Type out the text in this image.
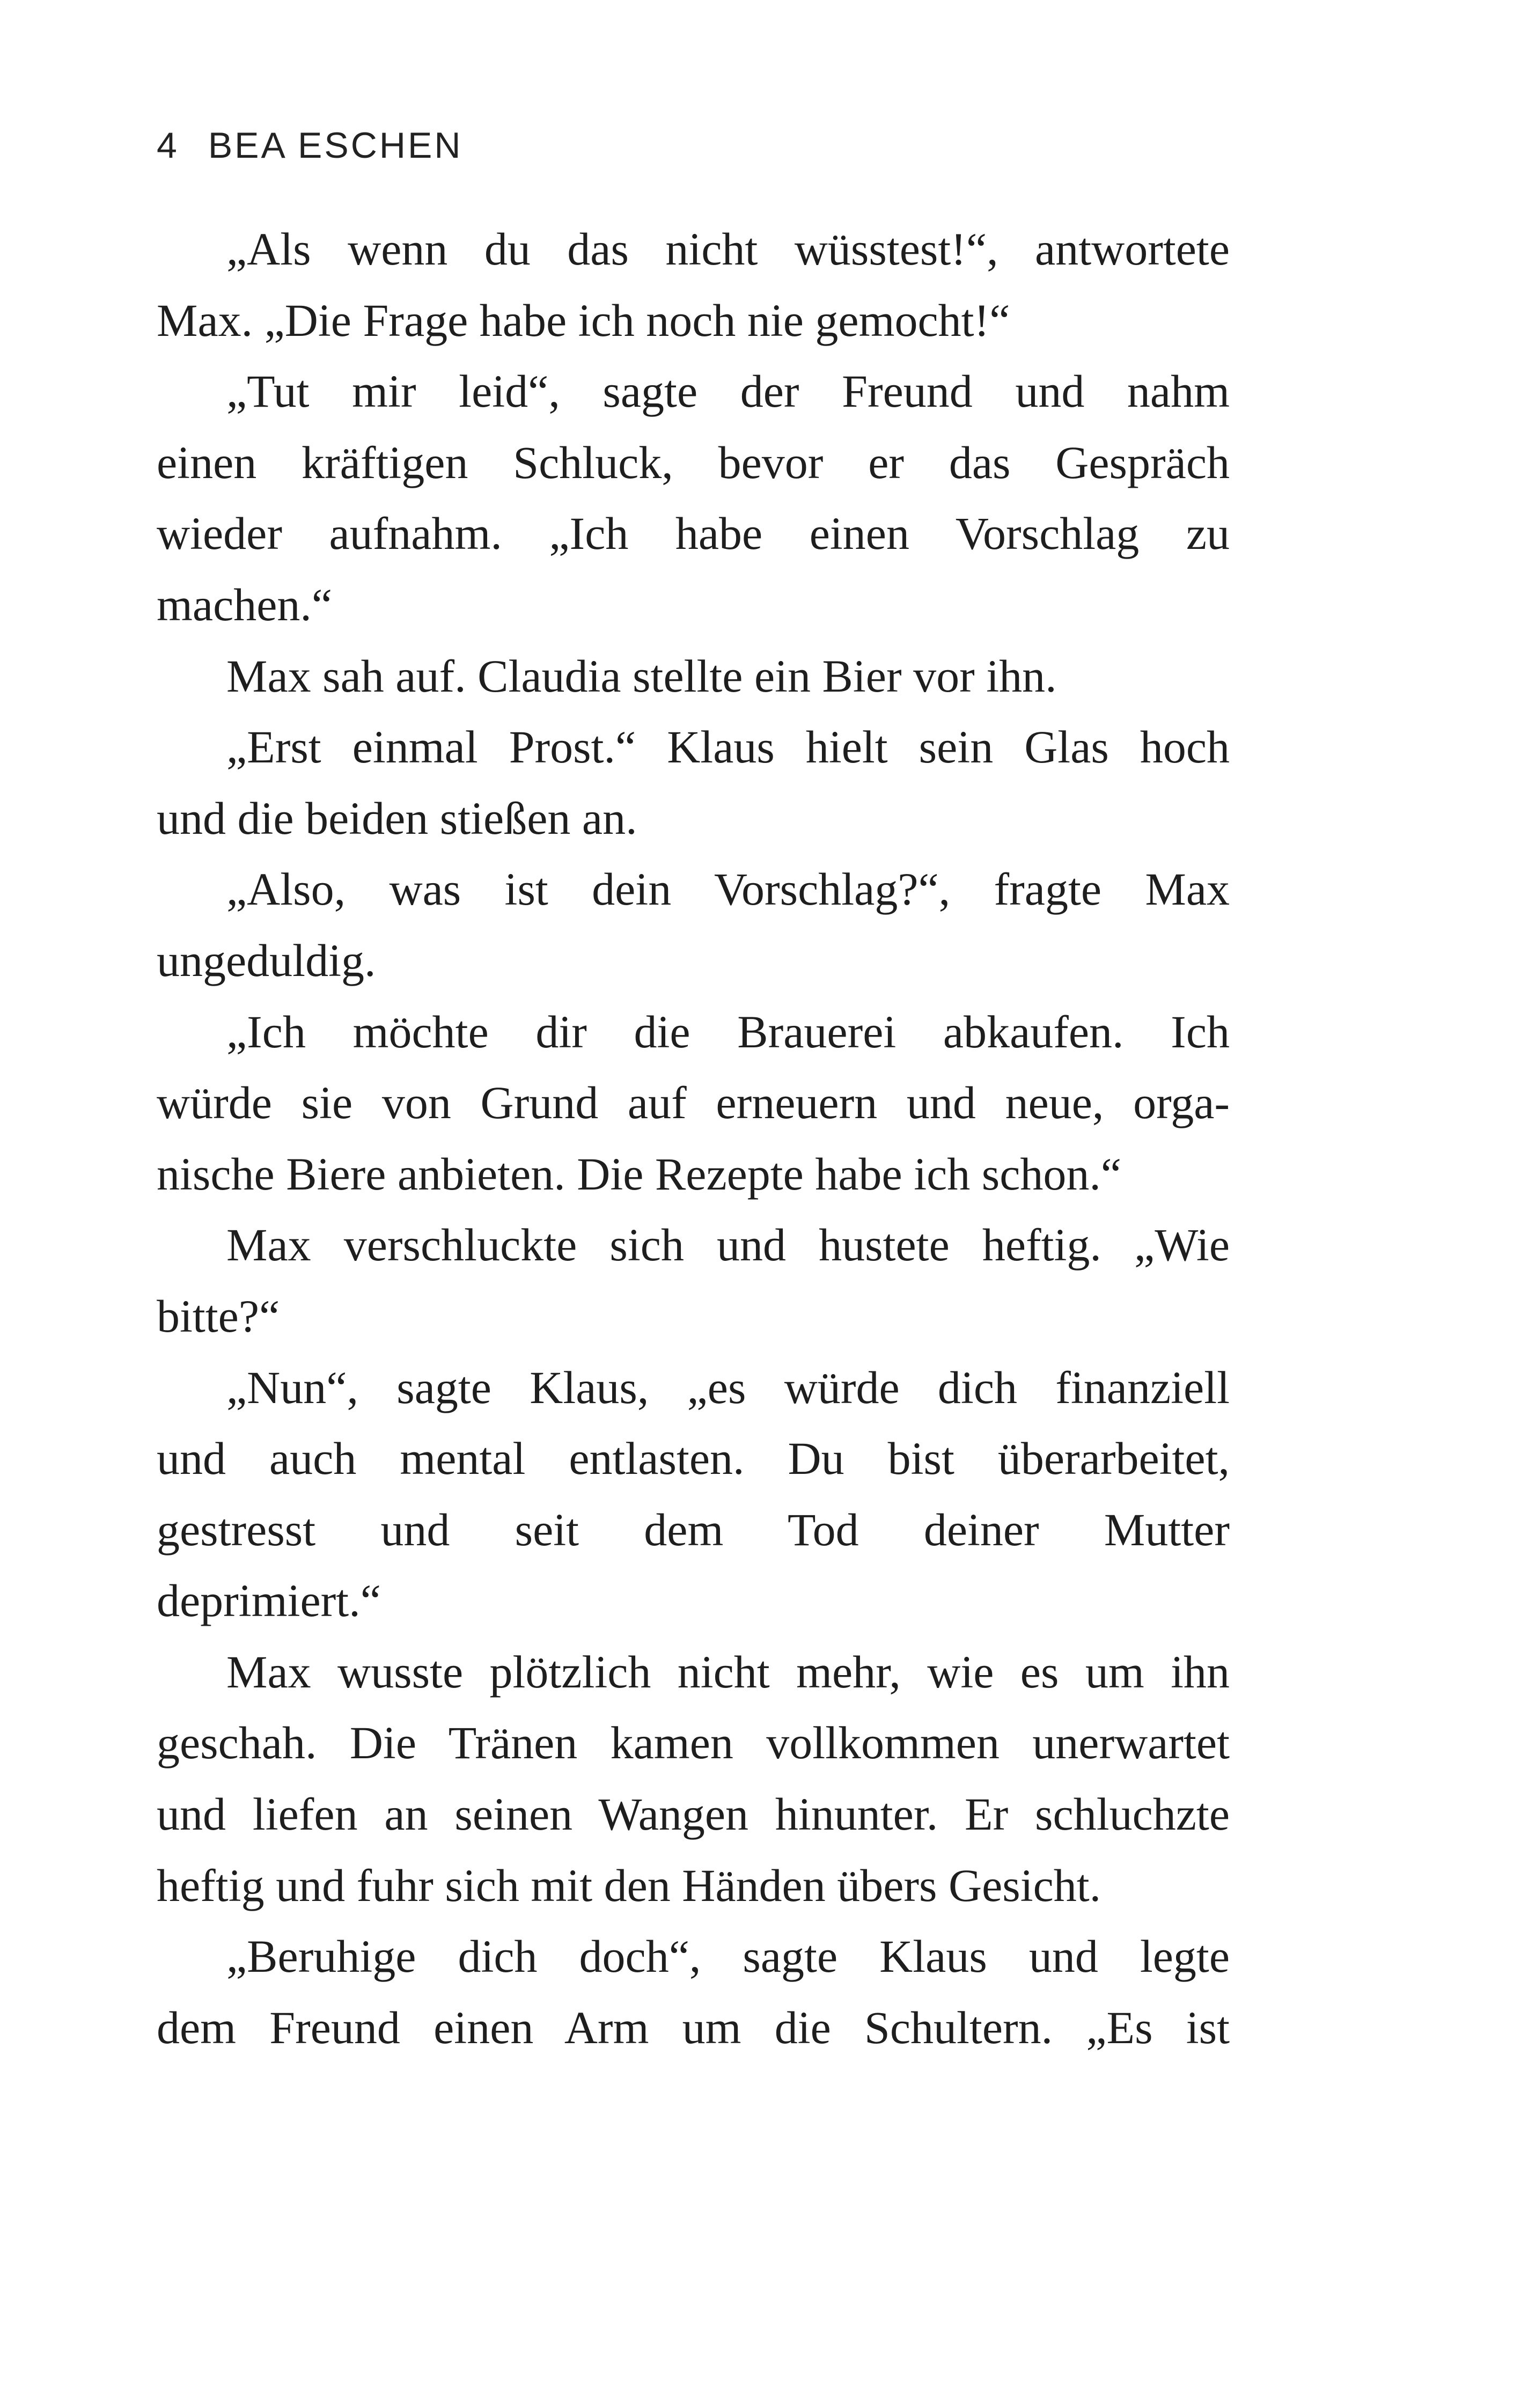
4 BEA ESCHEN
„Als wenn du das nicht wüsstest!“, antwortete
Max. „Die Frage habe ich noch nie gemocht!“
„Tut mir leid“, sagte der Freund und nahm
einen kräftigen Schluck, bevor er das Gespräch
wieder aufnahm. „Ich habe einen Vorschlag zu
machen.“
Max sah auf. Claudia stellte ein Bier vor ihn.
„Erst einmal Prost.“ Klaus hielt sein Glas hoch
und die beiden stießen an.
„Also, was ist dein Vorschlag?“, fragte Max
ungeduldig.
„Ich möchte dir die Brauerei abkaufen. Ich
würde sie von Grund auf erneuern und neue, orga-
nische Biere anbieten. Die Rezepte habe ich schon.“
Max verschluckte sich und hustete heftig. „Wie
bitte?“
„Nun“, sagte Klaus, „es würde dich finanziell
und auch mental entlasten. Du bist überarbeitet,
gestresst und seit dem Tod deiner Mutter
deprimiert.“
Max wusste plötzlich nicht mehr, wie es um ihn
geschah. Die Tränen kamen vollkommen unerwartet
und liefen an seinen Wangen hinunter. Er schluchzte
heftig und fuhr sich mit den Händen übers Gesicht.
„Beruhige dich doch“, sagte Klaus und legte
dem Freund einen Arm um die Schultern. „Es ist
